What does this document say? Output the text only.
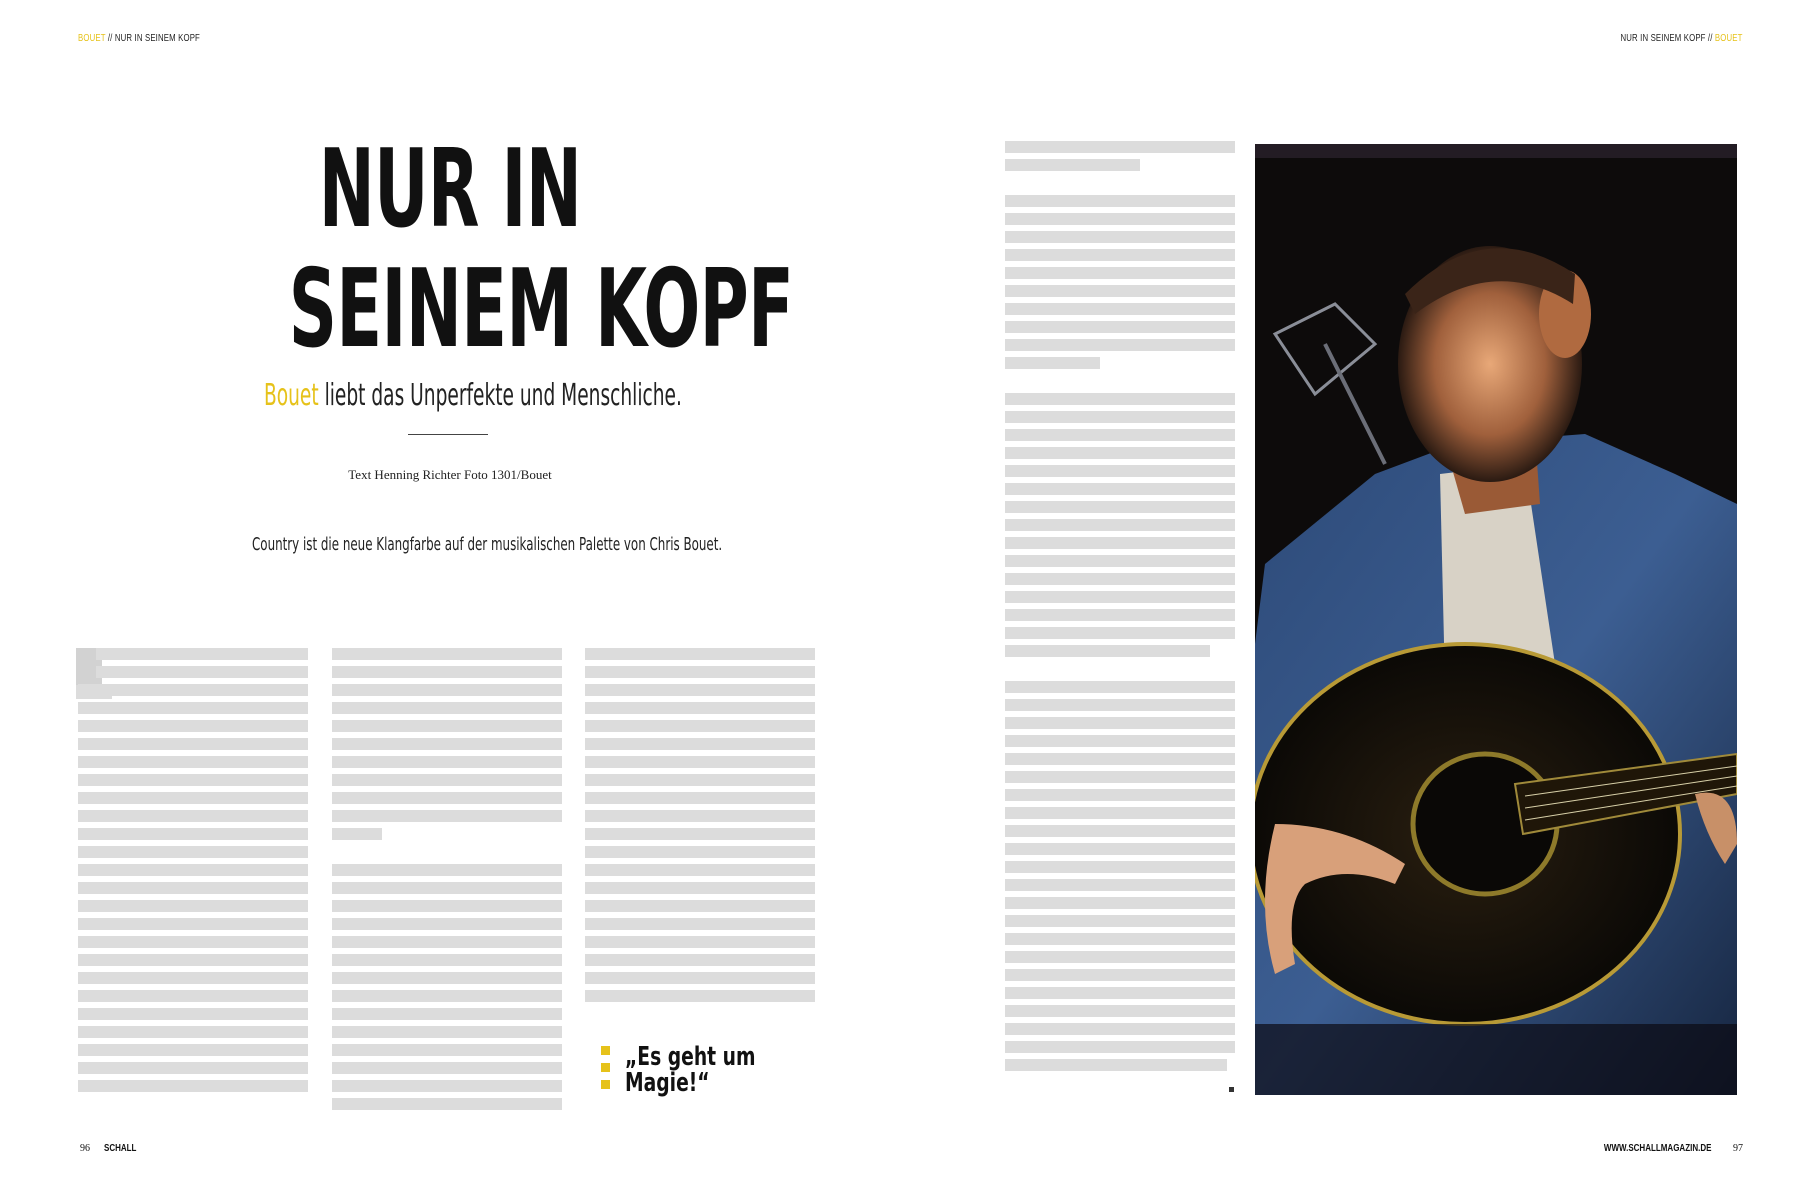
BOUET // NUR IN SEINEM KOPF	NUR IN SEINEM KOPF // BOUET
NUR IN
SEINEM KOPF
Bouet liebt das Unperfekte und Menschliche.
Text Henning Richter Foto 1301/Bouet
Country ist die neue Klangfarbe auf der musikalischen Palette von Chris Bouet.
„Es geht um
Magie!“
96 SCHALL	WWW.SCHALLMAGAZIN.DE 97
